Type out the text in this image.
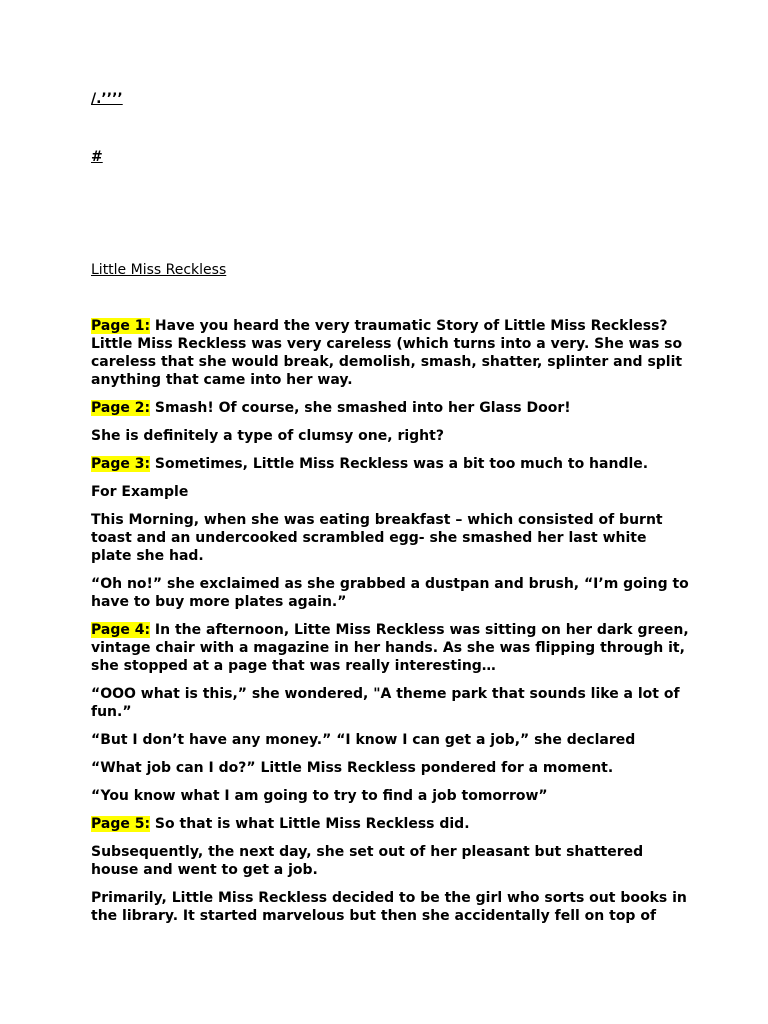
/.’’’’
#
Little Miss Reckless

Page 1: Have you heard the very traumatic Story of Little Miss Reckless? Little Miss Reckless was very careless (which turns into a very. She was so careless that she would break, demolish, smash, shatter, splinter and split anything that came into her way.

Page 2: Smash! Of course, she smashed into her Glass Door!

She is definitely a type of clumsy one, right?

Page 3: Sometimes, Little Miss Reckless was a bit too much to handle.

For Example

This Morning, when she was eating breakfast – which consisted of burnt toast and an undercooked scrambled egg- she smashed her last white plate she had.

“Oh no!” she exclaimed as she grabbed a dustpan and brush, “I’m going to have to buy more plates again.”

Page 4: In the afternoon, Litte Miss Reckless was sitting on her dark green, vintage chair with a magazine in her hands. As she was flipping through it, she stopped at a page that was really interesting…

“OOO what is this,” she wondered, "A theme park that sounds like a lot of fun.”

“But I don’t have any money.” “I know I can get a job,” she declared

“What job can I do?” Little Miss Reckless pondered for a moment.

“You know what I am going to try to find a job tomorrow”

Page 5: So that is what Little Miss Reckless did.

Subsequently, the next day, she set out of her pleasant but shattered house and went to get a job.

Primarily, Little Miss Reckless decided to be the girl who sorts out books in the library. It started marvelous but then she accidentally fell on top of
